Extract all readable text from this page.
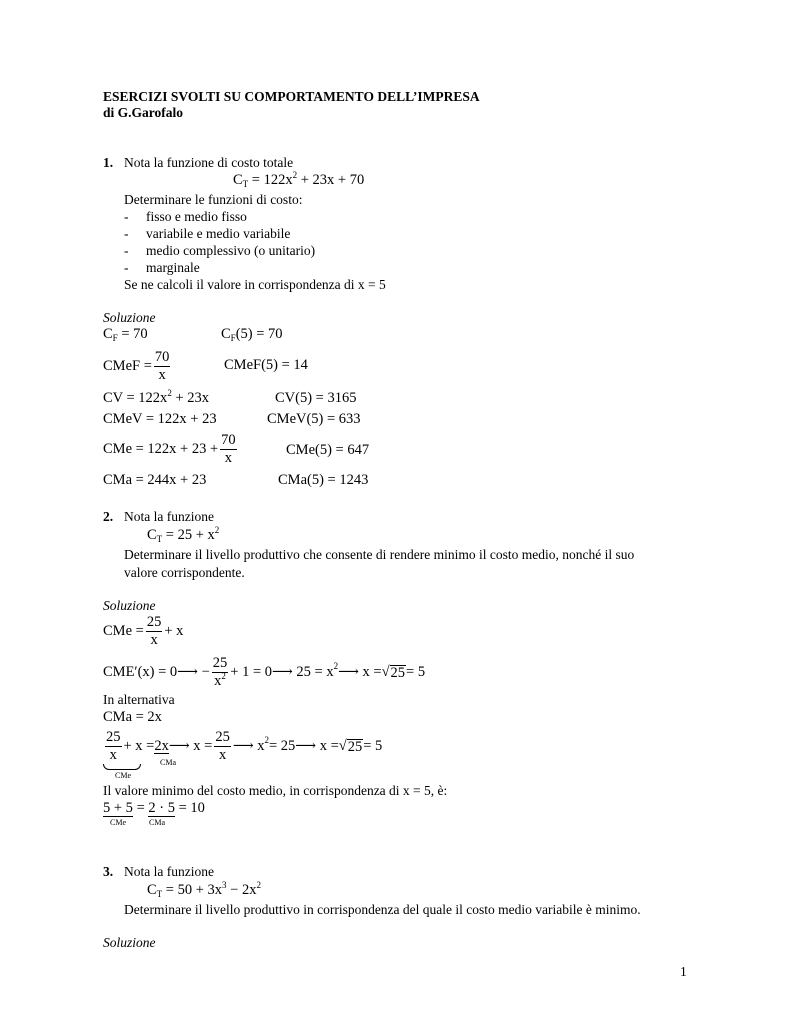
ESERCIZI SVOLTI SU COMPORTAMENTO DELL’IMPRESA
di G.Garofalo
1. Nota la funzione di costo totale
$C_T = 122x^2 + 23x + 70$
Determinare le funzioni di costo:
- fisso e medio fisso
- variabile e medio variabile
- medio complessivo (o unitario)
- marginale
Se ne calcoli il valore in corrispondenza di x = 5
Soluzione
$C_F = 70$	$C_F(5) = 70$
CMeF = $\frac{70}{x}$	CMeF(5) = 14
CV = $122x^2 + 23x$	CV(5) = 3165
CMeV = 122x + 23	CMeV(5) = 633
CMe = $122x + 23 + \frac{70}{x}$	CMe(5) = 647
CMa = 244x + 23	CMa(5) = 1243
2. Nota la funzione
$C_T = 25 + x^2$
Determinare il livello produttivo che consente di rendere minimo il costo medio, nonché il suo
valore corrispondente.
Soluzione
CMe = $\frac{25}{x} + x$
CME′(x) = 0⟶ − $\frac{25}{x^2} + 1$ = 0⟶ 25 = x 2 ⟶ x = √ 25 = 5
In alternativa
CMa = 2x
$\frac{25}{x} + x = 2x$ ⟶ $x = \frac{25}{x}$ ⟶ x 2 = 25⟶ x = √ 25 = 5
CMe
CMa
Il valore minimo del costo medio, in corrispondenza di x = 5, è:
5 + 5 = 2 · 5 = 10
CMe	CMa
3. Nota la funzione
$C_T = 50 + 3x^3 - 2x^2$
Determinare il livello produttivo in corrispondenza del quale il costo medio variabile è minimo.
Soluzione
1
